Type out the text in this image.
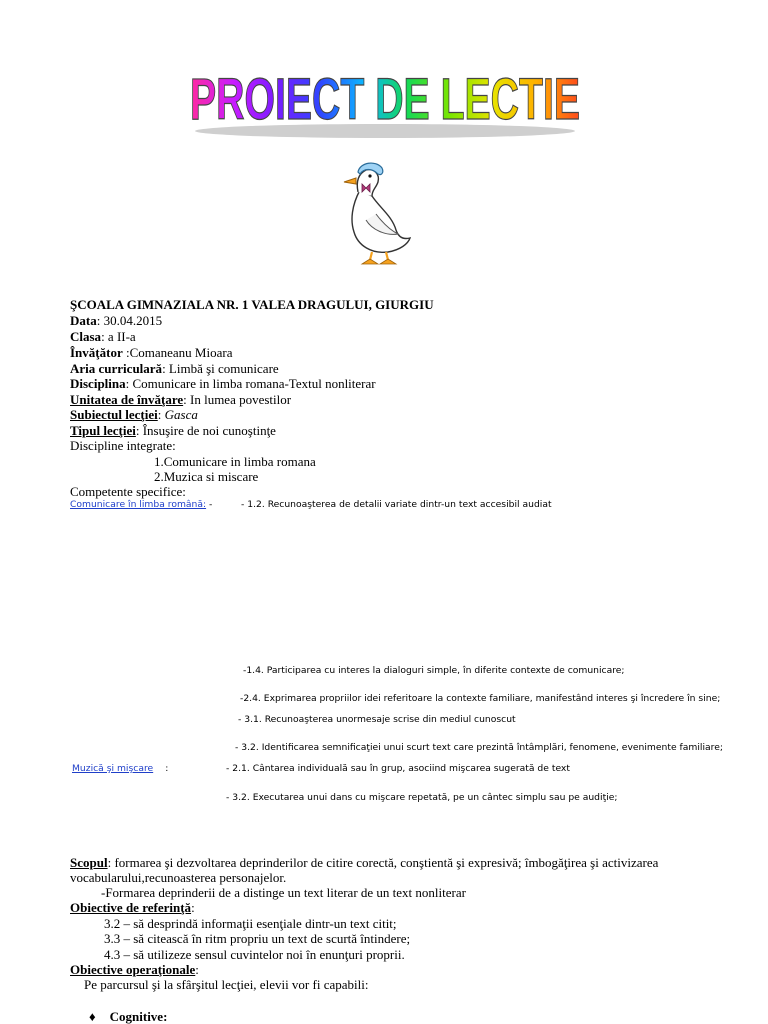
PROIECT DE LECTIE
ŞCOALA GIMNAZIALA NR. 1 VALEA DRAGULUI, GIURGIU
Data: 30.04.2015
Clasa: a II-a
Învăţător :Comaneanu Mioara
Aria curriculară: Limbă şi comunicare
Disciplina: Comunicare in limba romana-Textul nonliterar
Unitatea de învăţare: In lumea povestilor
Subiectul lecţiei: Gasca
Tipul lecţiei: Însuşire de noi cunoştinţe
Discipline integrate:
1.Comunicare in limba romana
2.Muzica si miscare
Competente specifice:
Comunicare în limba română: -	- 1.2. Recunoaşterea de detalii variate dintr-un text accesibil audiat
-1.4. Participarea cu interes la dialoguri simple, în diferite contexte de comunicare;
-2.4. Exprimarea propriilor idei referitoare la contexte familiare, manifestând interes şi încredere în sine;
- 3.1. Recunoaşterea unormesaje scrise din mediul cunoscut
- 3.2. Identificarea semnificaţiei unui scurt text care prezintă întâmplări, fenomene, evenimente familiare;
Muzică şi mişcare :	- 2.1. Cântarea individuală sau în grup, asociind mişcarea sugerată de text
- 3.2. Executarea unui dans cu mişcare repetată, pe un cântec simplu sau pe audiţie;
Scopul: formarea şi dezvoltarea deprinderilor de citire corectă, conştientă şi expresivă; îmbogăţirea şi activizarea
vocabularului,recunoasterea personajelor.
-Formarea deprinderii de a distinge un text literar de un text nonliterar
Obiective de referinţă:
3.2 – să desprindă informaţii esenţiale dintr-un text citit;
3.3 – să citească în ritm propriu un text de scurtă întindere;
4.3 – să utilizeze sensul cuvintelor noi în enunţuri proprii.
Obiective operaţionale:
Pe parcursul şi la sfârşitul lecţiei, elevii vor fi capabili:
♦ Cognitive:
